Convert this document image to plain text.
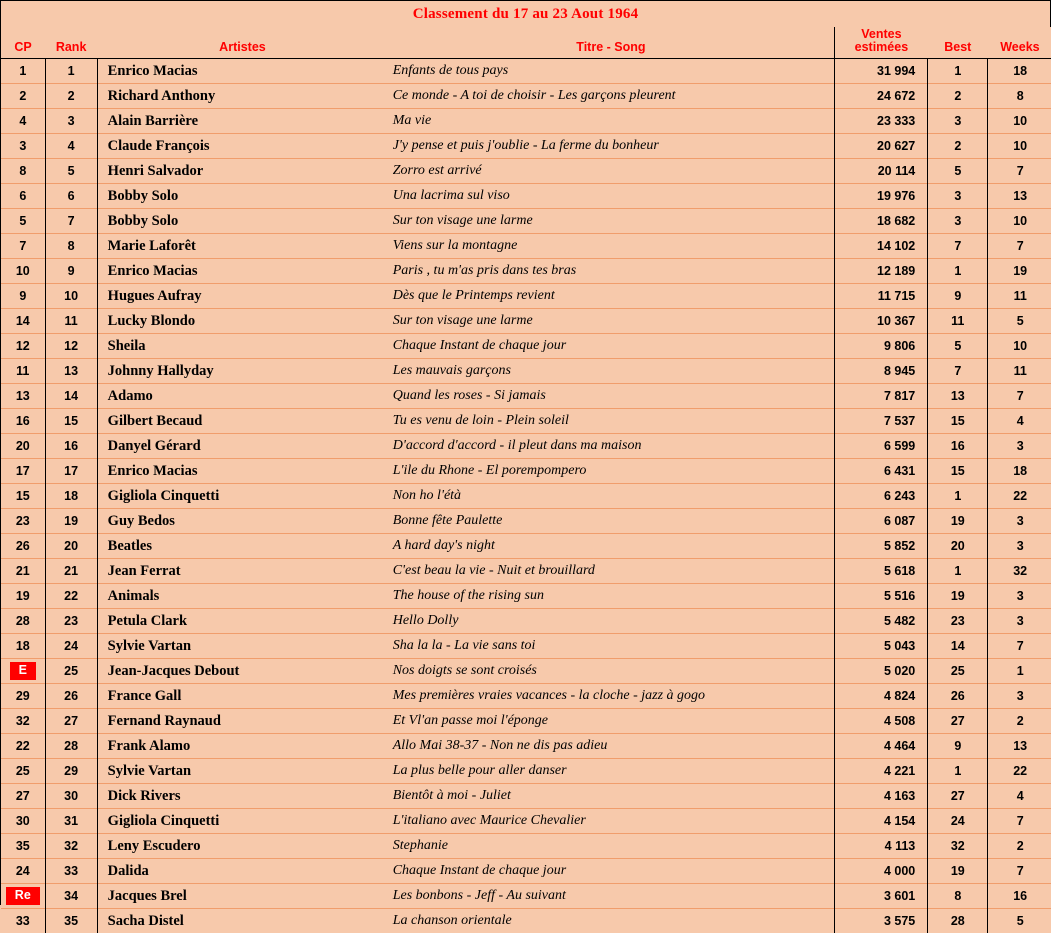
Classement du 17 au 23 Aout 1964
CP	Rank	Artistes	Titre - Song	Ventes
estimées	Best	Weeks
1	1	Enrico Macias	Enfants de tous pays	31 994	1	18
2	2	Richard Anthony	Ce monde - A toi de choisir - Les garçons pleurent	24 672	2	8
4	3	Alain Barrière	Ma vie	23 333	3	10
3	4	Claude François	J'y pense et puis j'oublie - La ferme du bonheur	20 627	2	10
8	5	Henri Salvador	Zorro est arrivé	20 114	5	7
6	6	Bobby Solo	Una lacrima sul viso	19 976	3	13
5	7	Bobby Solo	Sur ton visage une larme	18 682	3	10
7	8	Marie Laforêt	Viens sur la montagne	14 102	7	7
10	9	Enrico Macias	Paris , tu m'as pris dans tes bras	12 189	1	19
9	10	Hugues Aufray	Dès que le Printemps revient	11 715	9	11
14	11	Lucky Blondo	Sur ton visage une larme	10 367	11	5
12	12	Sheila	Chaque Instant de chaque jour	9 806	5	10
11	13	Johnny Hallyday	Les mauvais garçons	8 945	7	11
13	14	Adamo	Quand les roses - Si jamais	7 817	13	7
16	15	Gilbert Becaud	Tu es venu de loin - Plein soleil	7 537	15	4
20	16	Danyel Gérard	D'accord d'accord - il pleut dans ma maison	6 599	16	3
17	17	Enrico Macias	L'ile du Rhone - El porempompero	6 431	15	18
15	18	Gigliola Cinquetti	Non ho l'étà	6 243	1	22
23	19	Guy Bedos	Bonne fête Paulette	6 087	19	3
26	20	Beatles	A hard day's night	5 852	20	3
21	21	Jean Ferrat	C'est beau la vie - Nuit et brouillard	5 618	1	32
19	22	Animals	The house of the rising sun	5 516	19	3
28	23	Petula Clark	Hello Dolly	5 482	23	3
18	24	Sylvie Vartan	Sha la la - La vie sans toi	5 043	14	7
E	25	Jean-Jacques Debout	Nos doigts se sont croisés	5 020	25	1
29	26	France Gall	Mes premières vraies vacances - la cloche - jazz à gogo	4 824	26	3
32	27	Fernand Raynaud	Et Vl'an passe moi l'éponge	4 508	27	2
22	28	Frank Alamo	Allo Mai 38-37 - Non ne dis pas adieu	4 464	9	13
25	29	Sylvie Vartan	La plus belle pour aller danser	4 221	1	22
27	30	Dick Rivers	Bientôt à moi - Juliet	4 163	27	4
30	31	Gigliola Cinquetti	L'italiano avec Maurice Chevalier	4 154	24	7
35	32	Leny Escudero	Stephanie	4 113	32	2
24	33	Dalida	Chaque Instant de chaque jour	4 000	19	7
Re	34	Jacques Brel	Les bonbons - Jeff - Au suivant	3 601	8	16
33	35	Sacha Distel	La chanson orientale	3 575	28	5
